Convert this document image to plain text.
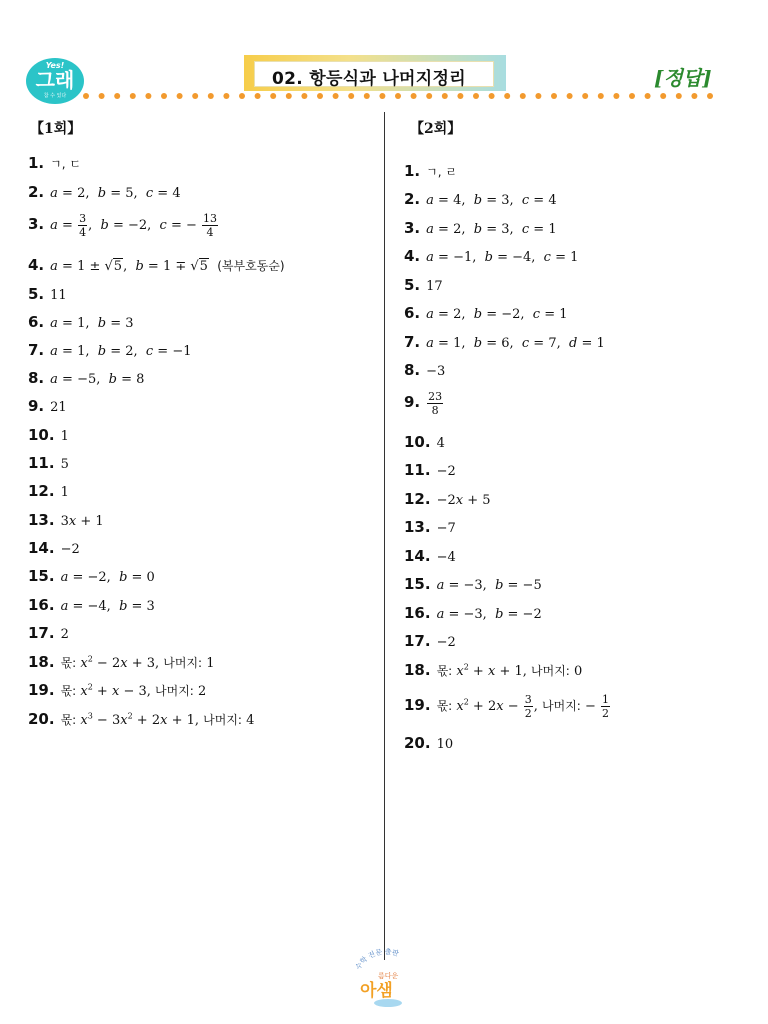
Yes!
그래
참 수 있다
02. 항등식과 나머지정리	[정답]
【1회】
1. ㄱ, ㄷ
2. a = 2,  b = 5,  c = 4
3. $a = \frac{3}{4}$ ,  b = −2,  c = − $\frac{13}{4}$
4. a = 1 ± √5,  b = 1 ∓ √5 (복부호동순)
5. 11
6. a = 1,  b = 3
7. a = 1,  b = 2,  c = −1
8. a = −5,  b = 8
9. 21
10. 1
11. 5
12. 1
13. 3x + 1
14. −2
15. a = −2,  b = 0
16. a = −4,  b = 3
17. 2
18. 몫: $x^2 - 2x + 3$, 나머지: 1
19. 몫: $x^2 + x - 3$, 나머지: 2
20. 몫: $x^3 - 3x^2 + 2x + 1$, 나머지: 4
【2회】
1. ㄱ, ㄹ
2. a = 4,  b = 3,  c = 4
3. a = 2,  b = 3,  c = 1
4. a = −1,  b = −4,  c = 1
5. 17
6. a = 2,  b = −2,  c = 1
7. a = 1,  b = 6,  c = 7,  d = 1
8. −3
9. $\frac{23}{8}$
10. 4
11. −2
12. −2x + 5
13. −7
14. −4
15. a = −3,  b = −5
16. a = −3,  b = −2
17. −2
18. 몫: $x^2 + x + 1$, 나머지: 0
19. 몫: $x^2 + 2x - \frac{3}{2}$ , 나머지: − $\frac{1}{2}$
20. 10
수학 전문 출판
아샘
름다운
